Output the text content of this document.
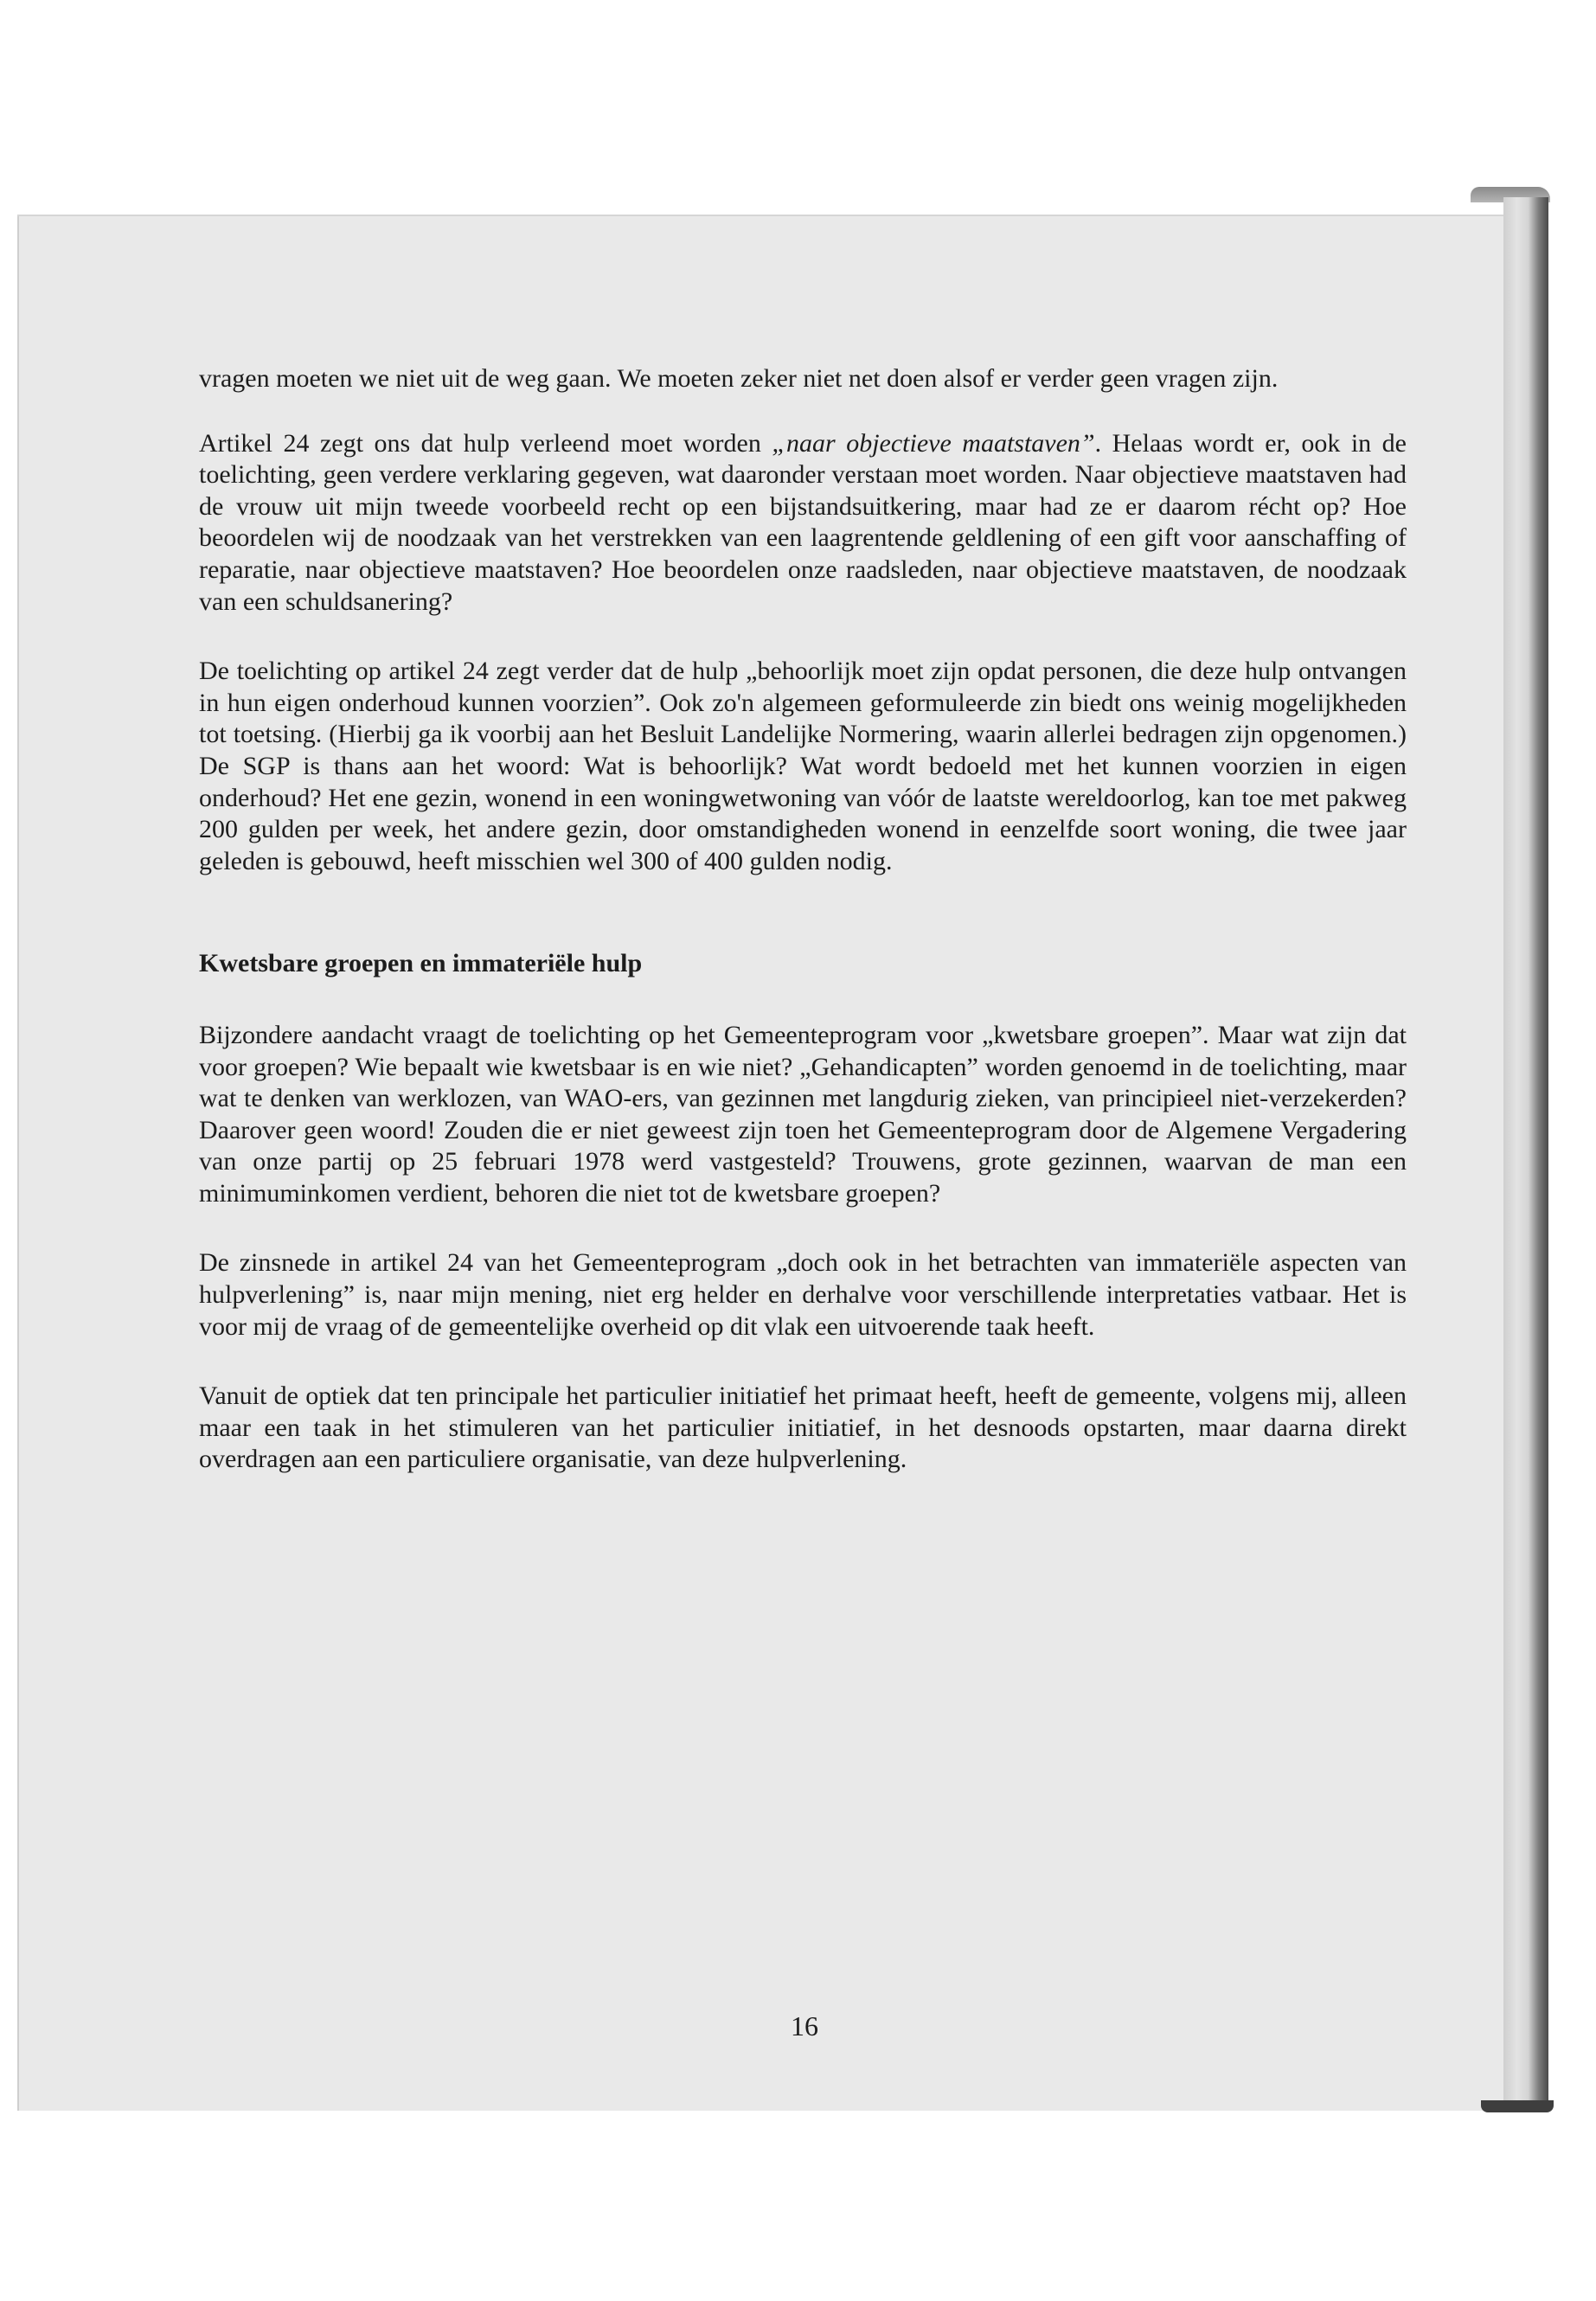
vragen moeten we niet uit de weg gaan. We moeten zeker niet net doen alsof er verder geen vragen zijn.

Artikel 24 zegt ons dat hulp verleend moet worden „naar objectieve maatstaven”. Helaas wordt er, ook in de toelichting, geen verdere verklaring gegeven, wat daaronder verstaan moet worden. Naar objectieve maatstaven had de vrouw uit mijn tweede voorbeeld recht op een bijstandsuitkering, maar had ze er daarom récht op? Hoe beoordelen wij de noodzaak van het verstrekken van een laagrentende geldlening of een gift voor aanschaffing of reparatie, naar objectieve maatstaven? Hoe beoordelen onze raadsleden, naar objectieve maatstaven, de noodzaak van een schuldsanering?

De toelichting op artikel 24 zegt verder dat de hulp „behoorlijk moet zijn opdat personen, die deze hulp ontvangen in hun eigen onderhoud kunnen voorzien”. Ook zo'n algemeen geformuleerde zin biedt ons weinig mogelijkheden tot toetsing. (Hierbij ga ik voorbij aan het Besluit Landelijke Normering, waarin allerlei bedragen zijn opgenomen.) De SGP is thans aan het woord: Wat is behoorlijk? Wat wordt bedoeld met het kunnen voorzien in eigen onderhoud? Het ene gezin, wonend in een woningwetwoning van vóór de laatste wereldoorlog, kan toe met pakweg 200 gulden per week, het andere gezin, door omstandigheden wonend in eenzelfde soort woning, die twee jaar geleden is gebouwd, heeft misschien wel 300 of 400 gulden nodig.

Kwetsbare groepen en immateriële hulp

Bijzondere aandacht vraagt de toelichting op het Gemeenteprogram voor „kwetsbare groepen”. Maar wat zijn dat voor groepen? Wie bepaalt wie kwetsbaar is en wie niet? „Gehandicapten” worden genoemd in de toelichting, maar wat te denken van werklozen, van WAO-ers, van gezinnen met langdurig zieken, van principieel niet-verzekerden? Daarover geen woord! Zouden die er niet geweest zijn toen het Gemeenteprogram door de Algemene Vergadering van onze partij op 25 februari 1978 werd vastgesteld? Trouwens, grote gezinnen, waarvan de man een minimuminkomen verdient, behoren die niet tot de kwetsbare groepen?

De zinsnede in artikel 24 van het Gemeenteprogram „doch ook in het betrachten van immateriële aspecten van hulpverlening” is, naar mijn mening, niet erg helder en derhalve voor verschillende interpretaties vatbaar. Het is voor mij de vraag of de gemeentelijke overheid op dit vlak een uitvoerende taak heeft.

Vanuit de optiek dat ten principale het particulier initiatief het primaat heeft, heeft de gemeente, volgens mij, alleen maar een taak in het stimuleren van het particulier initiatief, in het desnoods opstarten, maar daarna direkt overdragen aan een particuliere organisatie, van deze hulpverlening.

16
